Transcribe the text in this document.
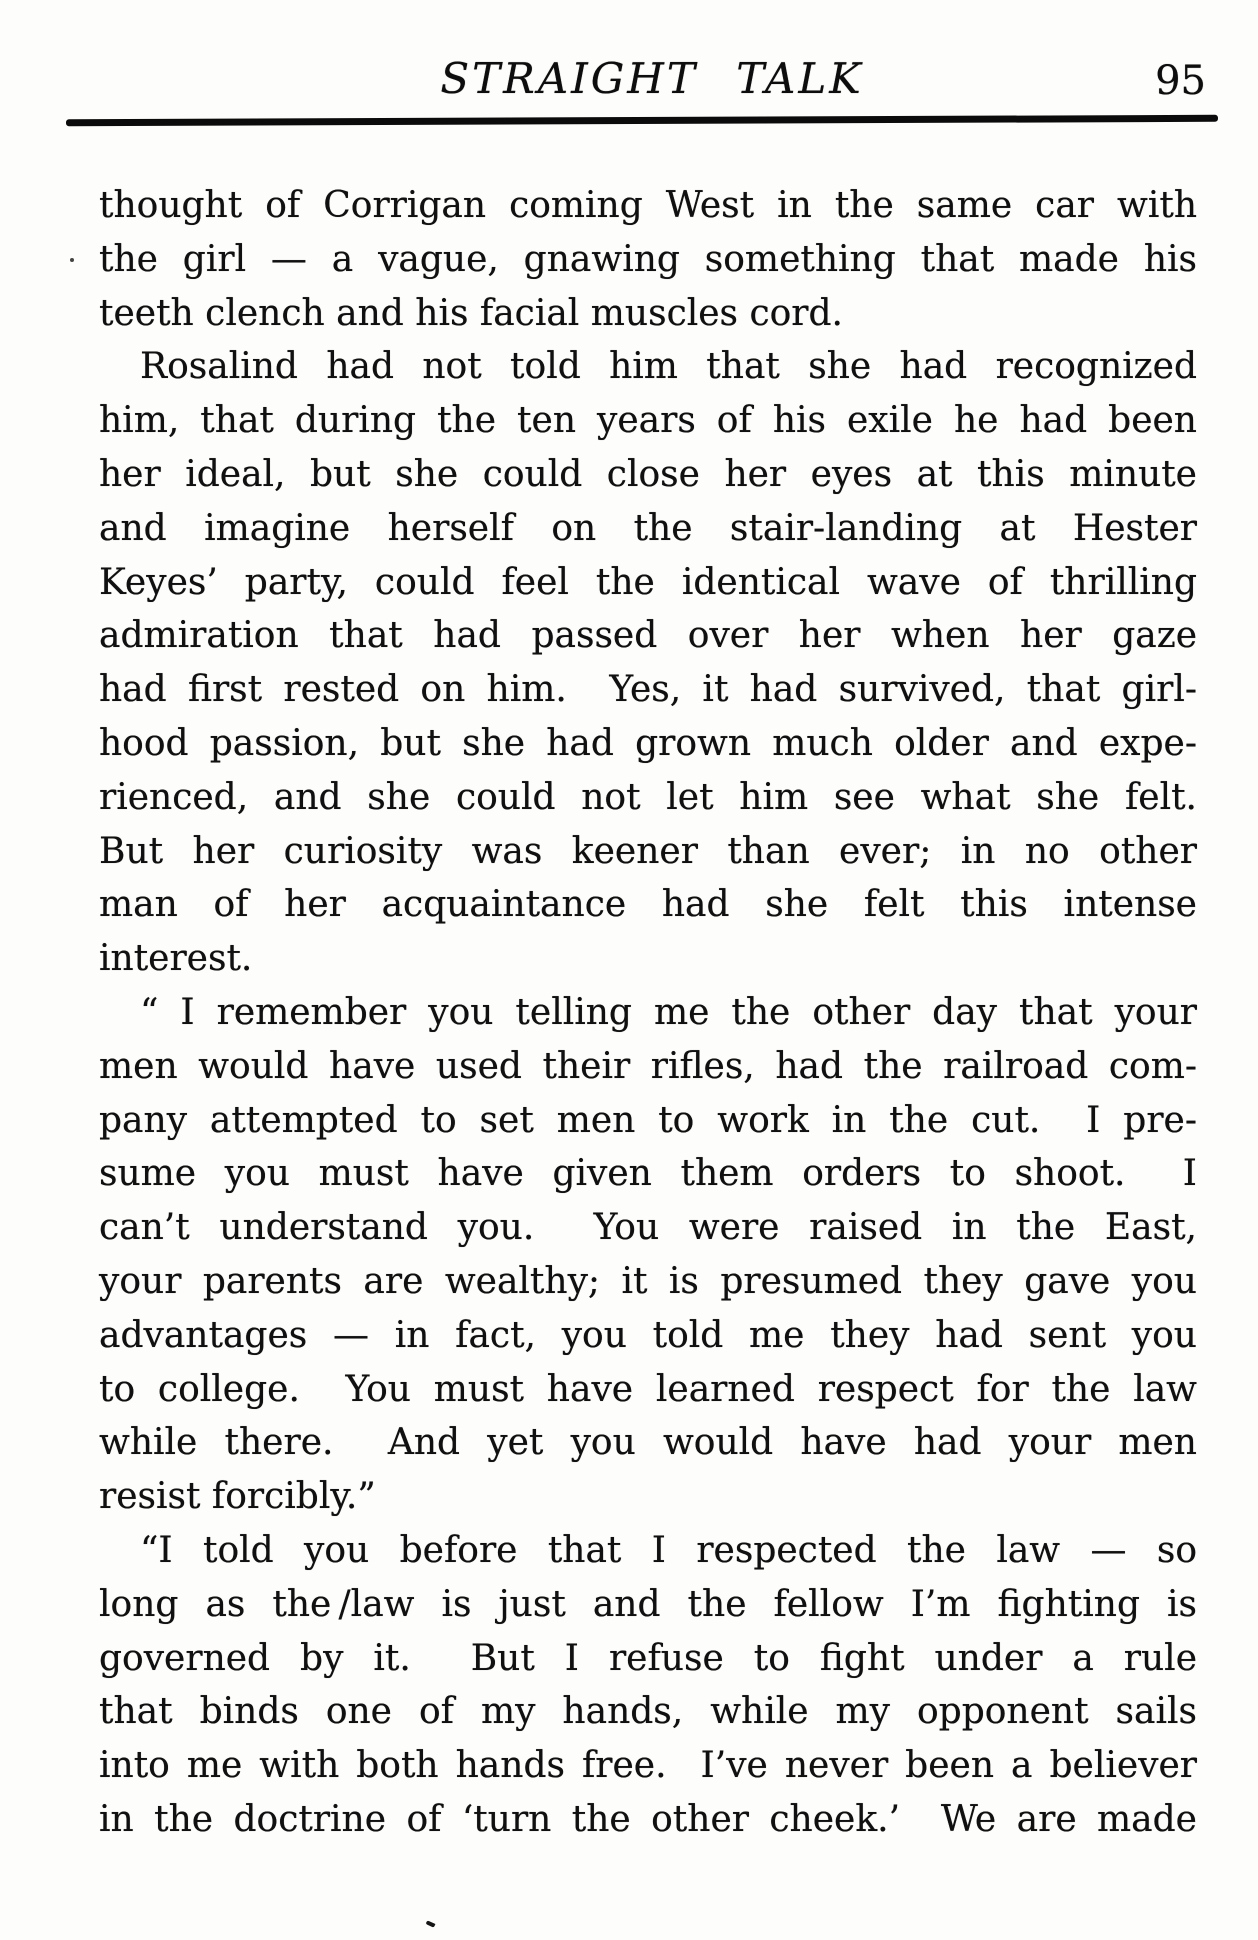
STRAIGHT TALK	95
thought of Corrigan coming West in the same car with
the girl — a vague, gnawing something that made his
teeth clench and his facial muscles cord.
Rosalind had not told him that she had recognized
him, that during the ten years of his exile he had been
her ideal, but she could close her eyes at this minute
and imagine herself on the stair-landing at Hester
Keyes’ party, could feel the identical wave of thrilling
admiration that had passed over her when her gaze
had first rested on him.  Yes, it had survived, that girl-
hood passion, but she had grown much older and expe-
rienced, and she could not let him see what she felt.
But her curiosity was keener than ever; in no other
man of her acquaintance had she felt this intense
interest.
“ I remember you telling me the other day that your
men would have used their rifles, had the railroad com-
pany attempted to set men to work in the cut.  I pre-
sume you must have given them orders to shoot.  I
can’t understand you.  You were raised in the East,
your parents are wealthy; it is presumed they gave you
advantages — in fact, you told me they had sent you
to college.  You must have learned respect for the law
while there.  And yet you would have had your men
resist forcibly.”
“I told you before that I respected the law — so
long as the /law is just and the fellow I’m fighting is
governed by it.  But I refuse to fight under a rule
that binds one of my hands, while my opponent sails
into me with both hands free.  I’ve never been a believer
in the doctrine of ‘turn the other cheek.’  We are made
